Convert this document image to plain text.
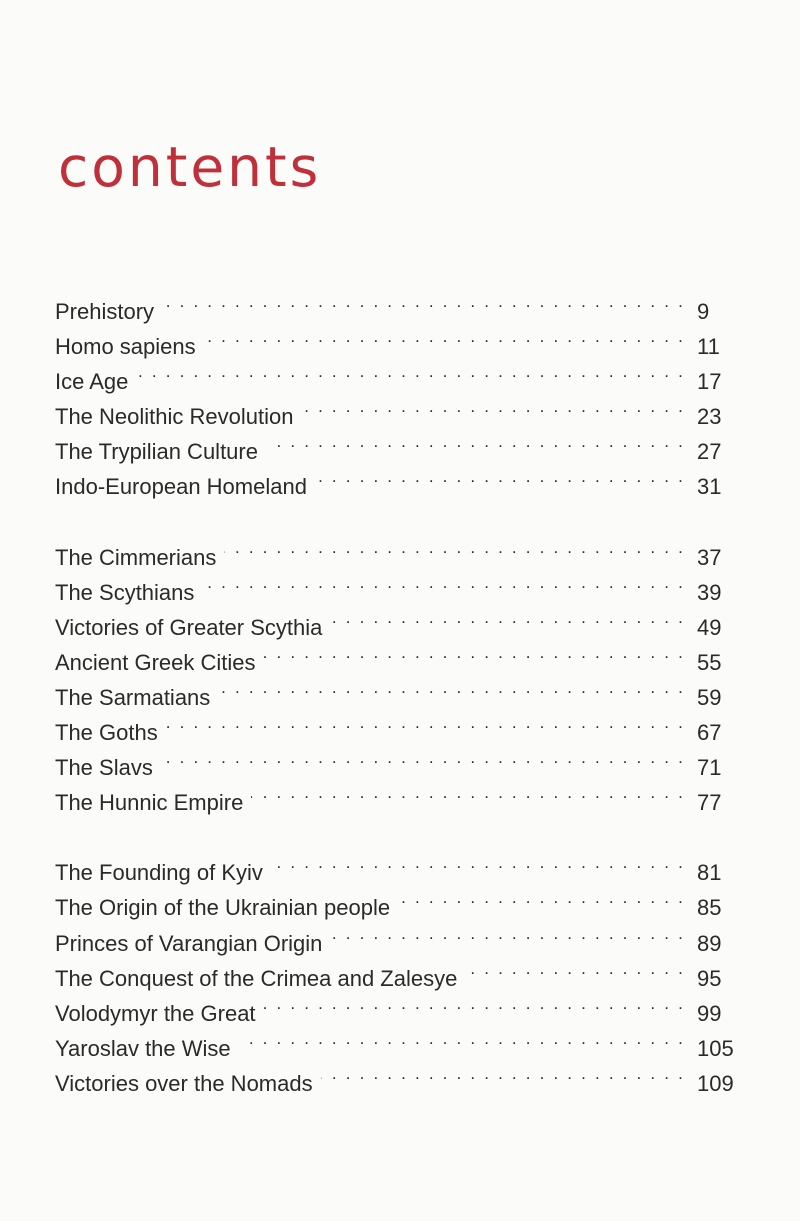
contents
Prehistory . . .	9
Homo sapiens . . .	11
Ice Age . . .	17
The Neolithic Revolution . . .	23
The Trypilian Culture . . .	27
Indo-European Homeland . . .	31
The Cimmerians . . .	37
The Scythians . . .	39
Victories of Greater Scythia . . .	49
Ancient Greek Cities . . .	55
The Sarmatians . . .	59
The Goths . . .	67
The Slavs . . .	71
The Hunnic Empire . . .	77
The Founding of Kyiv . . .	81
The Origin of the Ukrainian people . . .	85
Princes of Varangian Origin . . .	89
The Conquest of the Crimea and Zalesye . . .	95
Volodymyr the Great . . .	99
Yaroslav the Wise . . .	105
Victories over the Nomads . . .	109
